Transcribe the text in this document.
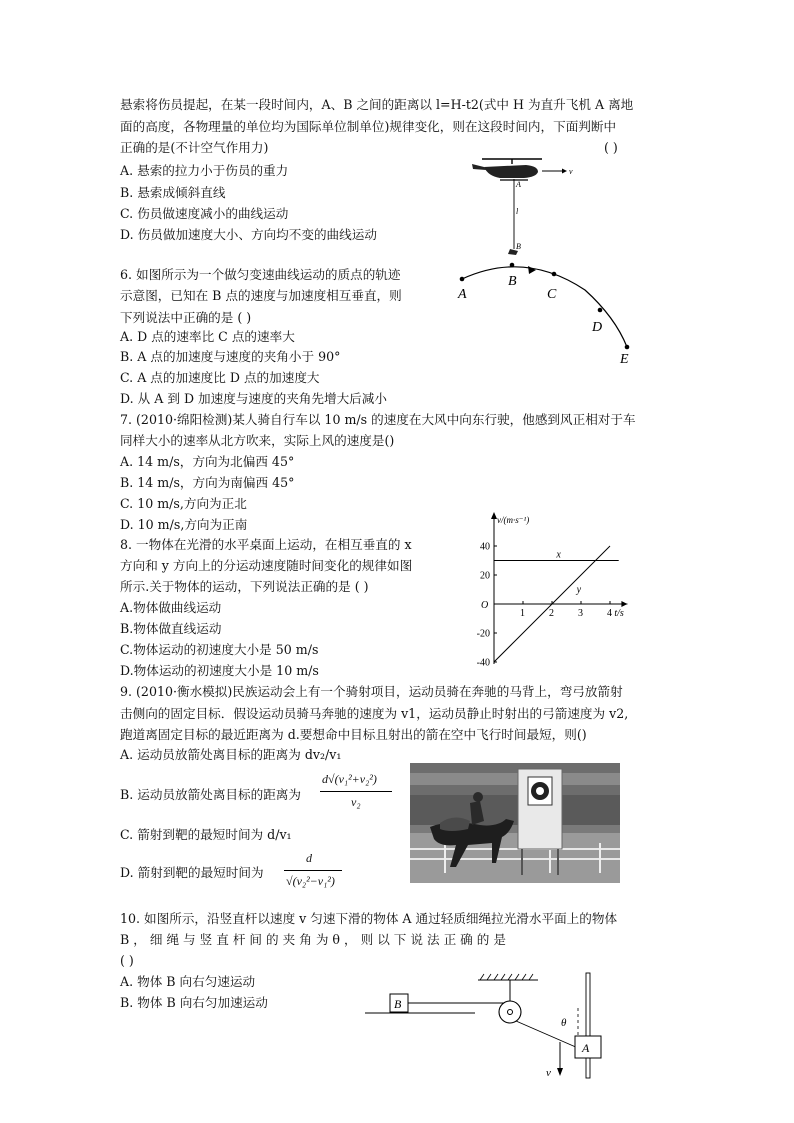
悬索将伤员提起，在某一段时间内，A、B 之间的距离以 l=H-t2(式中 H 为直升飞机 A 离地
面的高度，各物理量的单位均为国际单位制单位)规律变化，则在这段时间内，下面判断中
正确的是(不计空气作用力)	( )
A. 悬索的拉力小于伤员的重力
B. 悬索成倾斜直线
C. 伤员做速度减小的曲线运动
D. 伤员做加速度大小、方向均不变的曲线运动
v
A
l
B
6. 如图所示为一个做匀变速曲线运动的质点的轨迹
示意图，已知在 B 点的速度与加速度相互垂直，则
下列说法中正确的是 ( )
A. D 点的速率比 C 点的速率大
B. A 点的加速度与速度的夹角小于 90°
C. A 点的加速度比 D 点的加速度大
D. 从 A 到 D 加速度与速度的夹角先增大后减小
A
B
C
D
E
7. (2010·绵阳检测)某人骑自行车以 10 m/s 的速度在大风中向东行驶，他感到风正相对于车
同样大小的速率从北方吹来，实际上风的速度是()
A. 14 m/s，方向为北偏西 45°
B. 14 m/s，方向为南偏西 45°
C. 10 m/s,方向为正北
D. 10 m/s,方向为正南
8. 一物体在光滑的水平桌面上运动，在相互垂直的 x
方向和 y 方向上的分运动速度随时间变化的规律如图
所示.关于物体的运动，下列说法正确的是 ( )
A.物体做曲线运动
B.物体做直线运动
C.物体运动的初速度大小是 50 m/s
D.物体运动的初速度大小是 10 m/s
v/(m·s⁻¹)
t/s
O
1 2 3 4
40
20
-20
-40
x
y
9. (2010·衡水模拟)民族运动会上有一个骑射项目，运动员骑在奔驰的马背上，弯弓放箭射
击侧向的固定目标．假设运动员骑马奔驰的速度为 v1，运动员静止时射出的弓箭速度为 v2,
跑道离固定目标的最近距离为 d.要想命中目标且射出的箭在空中飞行时间最短，则()
A. 运动员放箭处离目标的距离为 dv₂/v₁
B. 运动员放箭处离目标的距离为
d√(v₁²+v₂²)
v₂
C. 箭射到靶的最短时间为 d/v₁
D. 箭射到靶的最短时间为
d
√(v₂²−v₁²)
10. 如图所示，沿竖直杆以速度 v 匀速下滑的物体 A 通过轻质细绳拉光滑水平面上的物体
B ， 细 绳 与 竖 直 杆 间 的 夹 角 为 θ ， 则 以 下 说 法 正 确 的 是
( )
A. 物体 B 向右匀速运动
B. 物体 B 向右匀加速运动	B
θ
A
v
